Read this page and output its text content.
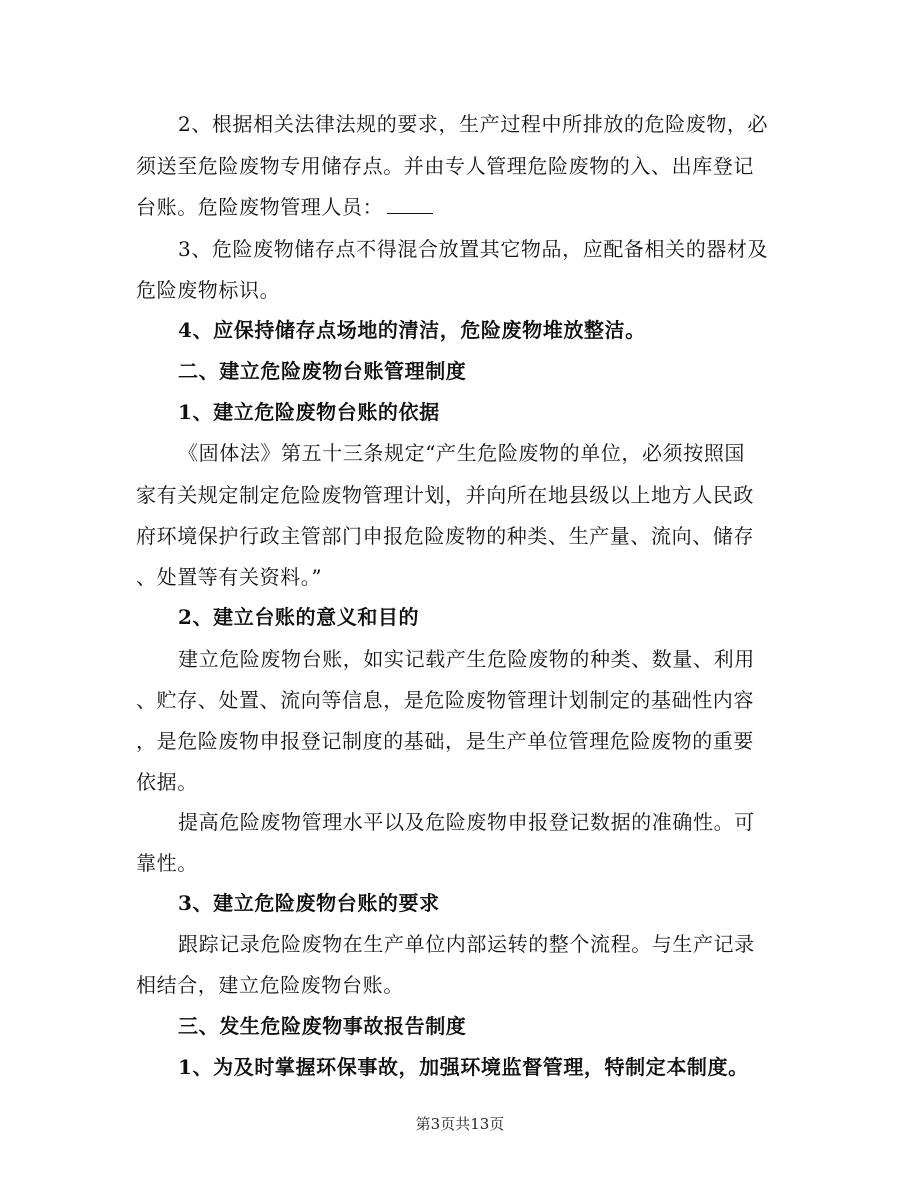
2、根据相关法律法规的要求，生产过程中所排放的危险废物，必
须送至危险废物专用储存点。并由专人管理危险废物的入、出库登记
台账。危险废物管理人员：
3、危险废物储存点不得混合放置其它物品，应配备相关的器材及
危险废物标识。
4、应保持储存点场地的清洁，危险废物堆放整洁。
二、建立危险废物台账管理制度
1、建立危险废物台账的依据
《固体法》第五十三条规定“产生危险废物的单位，必须按照国
家有关规定制定危险废物管理计划，并向所在地县级以上地方人民政
府环境保护行政主管部门申报危险废物的种类、生产量、流向、储存
、处置等有关资料。”
2、建立台账的意义和目的
建立危险废物台账，如实记载产生危险废物的种类、数量、利用
、贮存、处置、流向等信息，是危险废物管理计划制定的基础性内容
，是危险废物申报登记制度的基础，是生产单位管理危险废物的重要
依据。
提高危险废物管理水平以及危险废物申报登记数据的准确性。可
靠性。
3、建立危险废物台账的要求
跟踪记录危险废物在生产单位内部运转的整个流程。与生产记录
相结合，建立危险废物台账。
三、发生危险废物事故报告制度
1、为及时掌握环保事故，加强环境监督管理，特制定本制度。
第3页共13页
